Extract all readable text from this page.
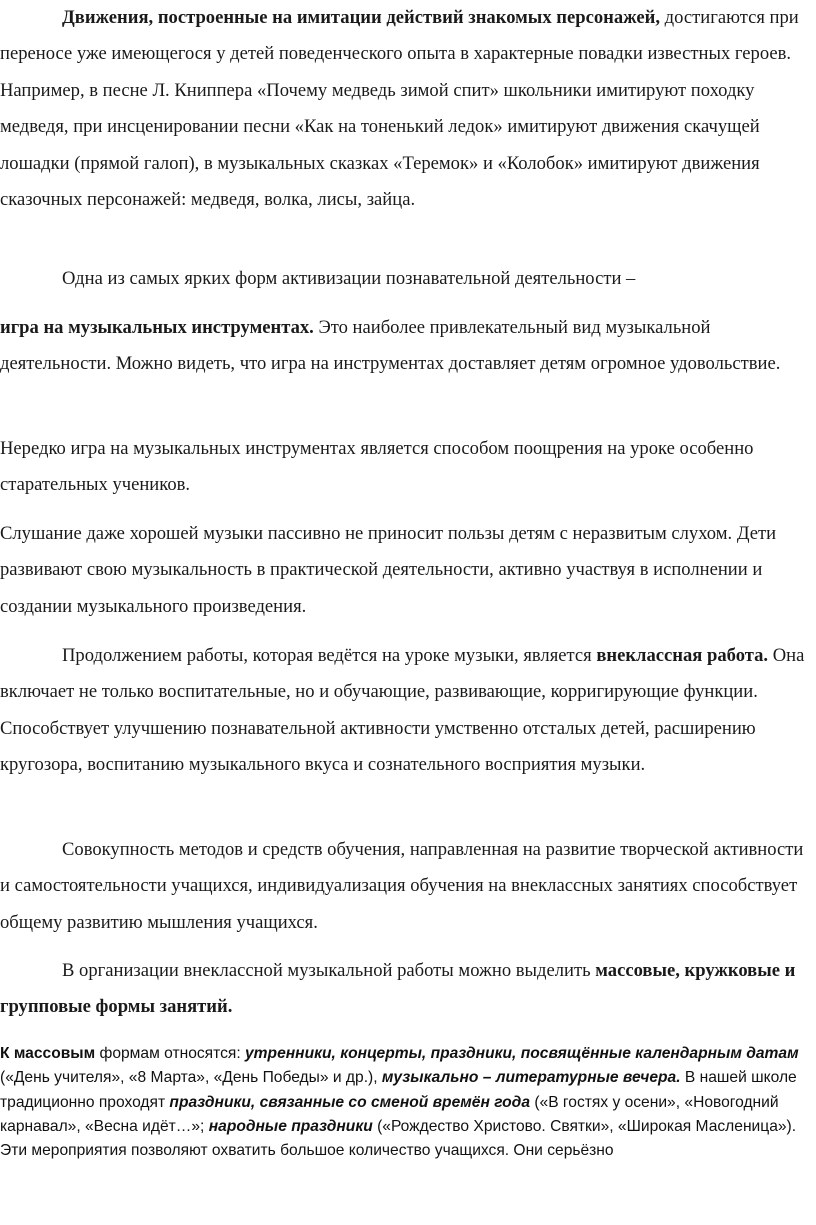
Движения, построенные на имитации действий знакомых персонажей, достигаются при переносе уже имеющегося у детей поведенческого опыта в характерные повадки известных героев. Например, в песне Л. Книппера «Почему медведь зимой спит» школьники имитируют походку медведя, при инсценировании песни «Как на тоненький ледок» имитируют движения скачущей лошадки (прямой галоп), в музыкальных сказках «Теремок» и «Колобок» имитируют движения сказочных персонажей: медведя, волка, лисы, зайца.

Одна из самых ярких форм активизации познавательной деятельности –

игра на музыкальных инструментах. Это наиболее привлекательный вид музыкальной деятельности. Можно видеть, что игра на инструментах доставляет детям огромное удовольствие.

Нередко игра на музыкальных инструментах является способом поощрения на уроке особенно старательных учеников.

Слушание даже хорошей музыки пассивно не приносит пользы детям с неразвитым слухом. Дети развивают свою музыкальность в практической деятельности, активно участвуя в исполнении и создании музыкального произведения.

Продолжением работы, которая ведётся на уроке музыки, является внеклассная работа. Она включает не только воспитательные, но и обучающие, развивающие, корригирующие функции. Способствует улучшению познавательной активности умственно отсталых детей, расширению кругозора, воспитанию музыкального вкуса и сознательного восприятия музыки.

Совокупность методов и средств обучения, направленная на развитие творческой активности и самостоятельности учащихся, индивидуализация обучения на внеклассных занятиях способствует общему развитию мышления учащихся.

В организации внеклассной музыкальной работы можно выделить массовые, кружковые и групповые формы занятий.

К массовым формам относятся: утренники, концерты, праздники, посвящённые календарным датам («День учителя», «8 Марта», «День Победы» и др.), музыкально – литературные вечера. В нашей школе традиционно проходят праздники, связанные со сменой времён года («В гостях у осени», «Новогодний карнавал», «Весна идёт…»; народные праздники («Рождество Христово. Святки», «Широкая Масленица»). Эти мероприятия позволяют охватить большое количество учащихся. Они серьёзно
